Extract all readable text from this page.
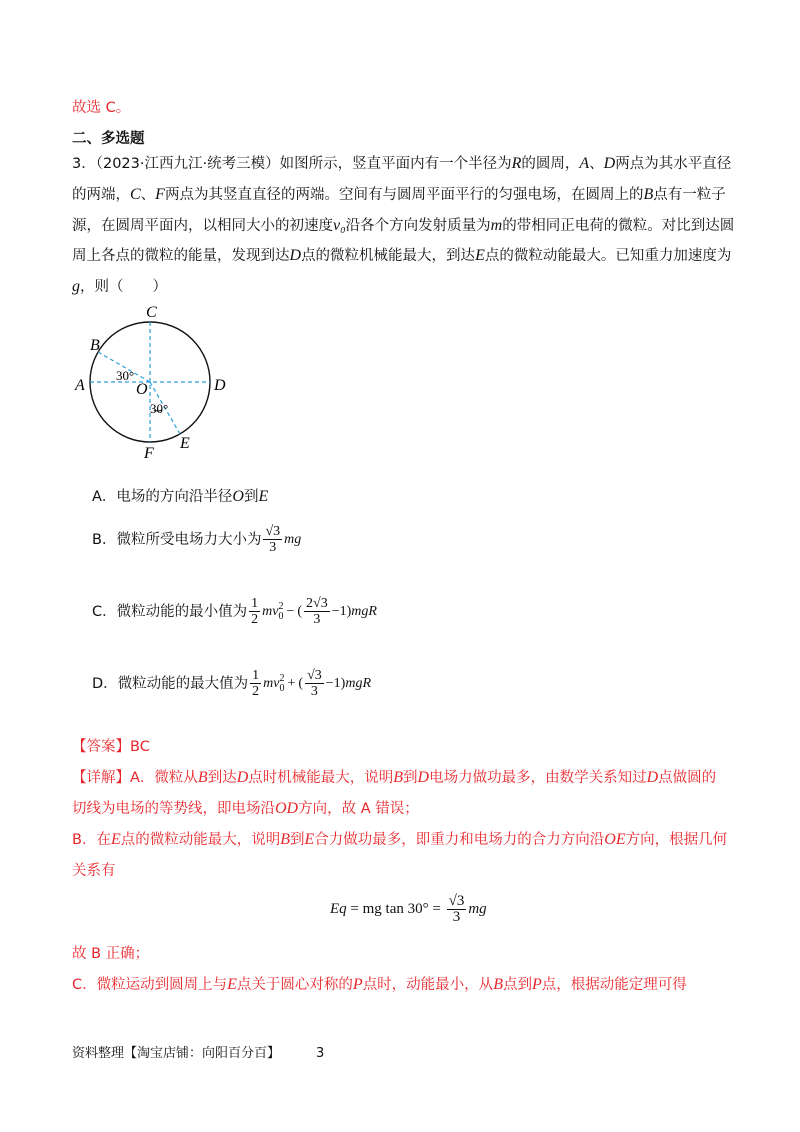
故选 C。
二、多选题
3．（2023·江西九江·统考三模）如图所示，竖直平面内有一个半径为R的圆周，A、D两点为其水平直径
的两端，C、F两点为其竖直直径的两端。空间有与圆周平面平行的匀强电场，在圆周上的B点有一粒子
源，在圆周平面内，以相同大小的初速度v₀沿各个方向发射质量为m的带相同正电荷的微粒。对比到达圆
周上各点的微粒的能量，发现到达D点的微粒机械能最大，到达E点的微粒动能最大。已知重力加速度为
g，则（　　）
C
B
A	D
O
E
F
30°
30°
A．电场的方向沿半径O到E
B．微粒所受电场力大小为 $\frac{√3}{3}$ mg
C．微粒动能的最小值为 $\frac{1}{2}$ mv 2
0 − ( $\frac{2√3}{3} -1$) mgR
D．微粒动能的最大值为 $\frac{1}{2}$ mv 2
0 + ( $\frac{√3}{3} -1$) mgR
【答案】BC
【详解】A．微粒从B到达D点时机械能最大，说明B到D电场力做功最多，由数学关系知过D点做圆的
切线为电场的等势线，即电场沿OD方向，故 A 错误；
B．在E点的微粒动能最大，说明B到E合力做功最多，即重力和电场力的合力方向沿OE方向，根据几何
关系有
Eq = mg $\tan 30^\circ = \frac{√3}{3}$ mg
故 B 正确；
C．微粒运动到圆周上与E点关于圆心对称的P点时，动能最小，从B点到P点，根据动能定理可得
资料整理【淘宝店铺：向阳百分百】	3
